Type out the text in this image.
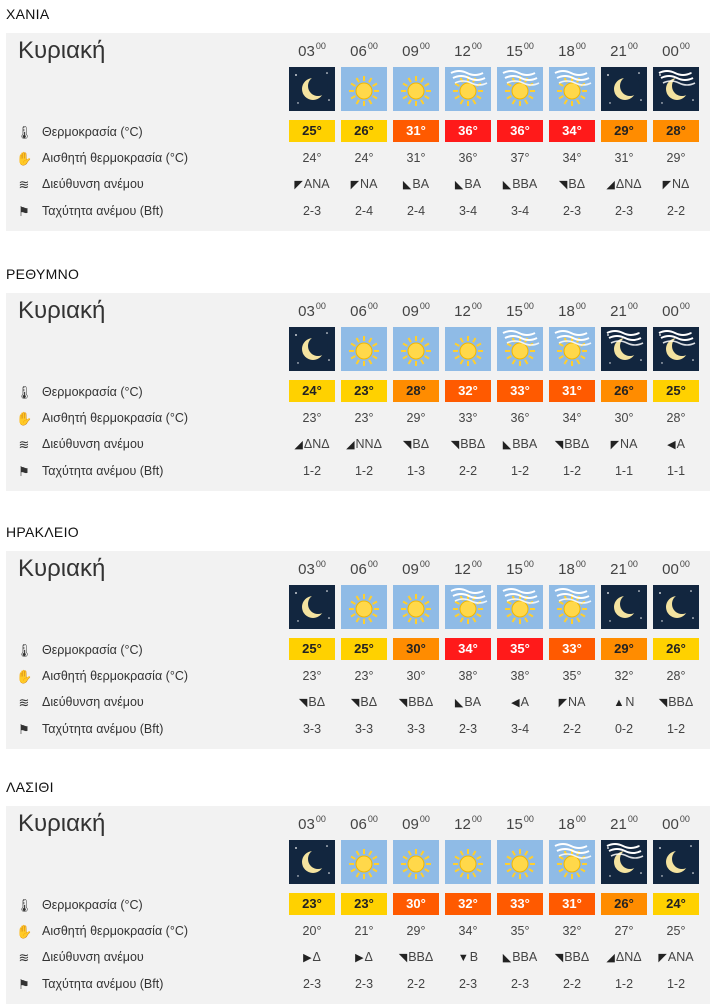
ΧΑΝΙΑ
Κυριακή
🌡 Θερμοκρασία (°C)
✋ Αισθητή θερμοκρασία (°C)
≋ Διεύθυνση ανέμου
⚑ Ταχύτητα ανέμου (Bft)
$03^{00}$
25°
24°
◤ΑΝΑ
2-3
$06^{00}$
26°
24°
◤ΝΑ
2-4
$09^{00}$
31°
31°
◣ΒΑ
2-4
$12^{00}$
36°
36°
◣ΒΑ
3-4
$15^{00}$
36°
37°
◣ΒΒΑ
3-4
$18^{00}$
34°
34°
◥ΒΔ
2-3
$21^{00}$
29°
31°
◢ΔΝΔ
2-3
$00^{00}$
28°
29°
◤ΝΔ
2-2
ΡΕΘΥΜΝΟ
Κυριακή
🌡 Θερμοκρασία (°C)
✋ Αισθητή θερμοκρασία (°C)
≋ Διεύθυνση ανέμου
⚑ Ταχύτητα ανέμου (Bft)
$03^{00}$
24°
23°
◢ΔΝΔ
1-2
$06^{00}$
23°
23°
◢ΝΝΔ
1-2
$09^{00}$
28°
29°
◥ΒΔ
1-3
$12^{00}$
32°
33°
◥ΒΒΔ
2-2
$15^{00}$
33°
36°
◣ΒΒΑ
1-2
$18^{00}$
31°
34°
◥ΒΒΔ
1-2
$21^{00}$
26°
30°
◤ΝΑ
1-1
$00^{00}$
25°
28°
◀Α
1-1
ΗΡΑΚΛΕΙΟ
Κυριακή
🌡 Θερμοκρασία (°C)
✋ Αισθητή θερμοκρασία (°C)
≋ Διεύθυνση ανέμου
⚑ Ταχύτητα ανέμου (Bft)
$03^{00}$
25°
23°
◥ΒΔ
3-3
$06^{00}$
25°
23°
◥ΒΔ
3-3
$09^{00}$
30°
30°
◥ΒΒΔ
3-3
$12^{00}$
34°
38°
◣ΒΑ
2-3
$15^{00}$
35°
38°
◀Α
3-4
$18^{00}$
33°
35°
◤ΝΑ
2-2
$21^{00}$
29°
32°
▲Ν
0-2
$00^{00}$
26°
28°
◥ΒΒΔ
1-2
ΛΑΣΙΘΙ
Κυριακή
🌡 Θερμοκρασία (°C)
✋ Αισθητή θερμοκρασία (°C)
≋ Διεύθυνση ανέμου
⚑ Ταχύτητα ανέμου (Bft)
$03^{00}$
23°
20°
▶Δ
2-3
$06^{00}$
23°
21°
▶Δ
2-3
$09^{00}$
30°
29°
◥ΒΒΔ
2-2
$12^{00}$
32°
34°
▼Β
2-3
$15^{00}$
33°
35°
◣ΒΒΑ
2-3
$18^{00}$
31°
32°
◥ΒΒΔ
2-2
$21^{00}$
26°
27°
◢ΔΝΔ
1-2
$00^{00}$
24°
25°
◤ΑΝΑ
1-2
